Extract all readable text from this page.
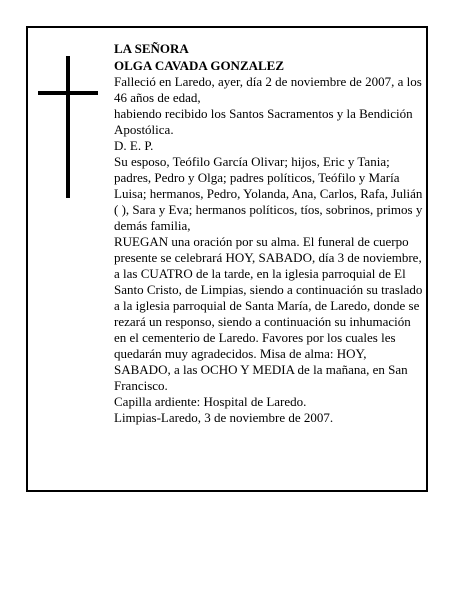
LA SEÑORA

OLGA CAVADA GONZALEZ

Falleció en Laredo, ayer, día 2 de noviembre de 2007, a los 46 años de edad,

habiendo recibido los Santos Sacramentos y la Bendición Apostólica.

D. E. P.

Su esposo, Teófilo García Olivar; hijos, Eric y Tania; padres, Pedro y Olga; padres políticos, Teófilo y María Luisa; hermanos, Pedro, Yolanda, Ana, Carlos, Rafa, Julián ( ), Sara y Eva; hermanos políticos, tíos, sobrinos, primos y demás familia,

RUEGAN una oración por su alma. El funeral de cuerpo presente se celebrará HOY, SABADO, día 3 de noviembre, a las CUATRO de la tarde, en la iglesia parroquial de El Santo Cristo, de Limpias, siendo a continuación su traslado a la iglesia parroquial de Santa María, de Laredo, donde se rezará un responso, siendo a continuación su inhumación en el cementerio de Laredo. Favores por los cuales les quedarán muy agradecidos. Misa de alma: HOY, SABADO, a las OCHO Y MEDIA de la mañana, en San Francisco.

Capilla ardiente: Hospital de Laredo.

Limpias-Laredo, 3 de noviembre de 2007.
